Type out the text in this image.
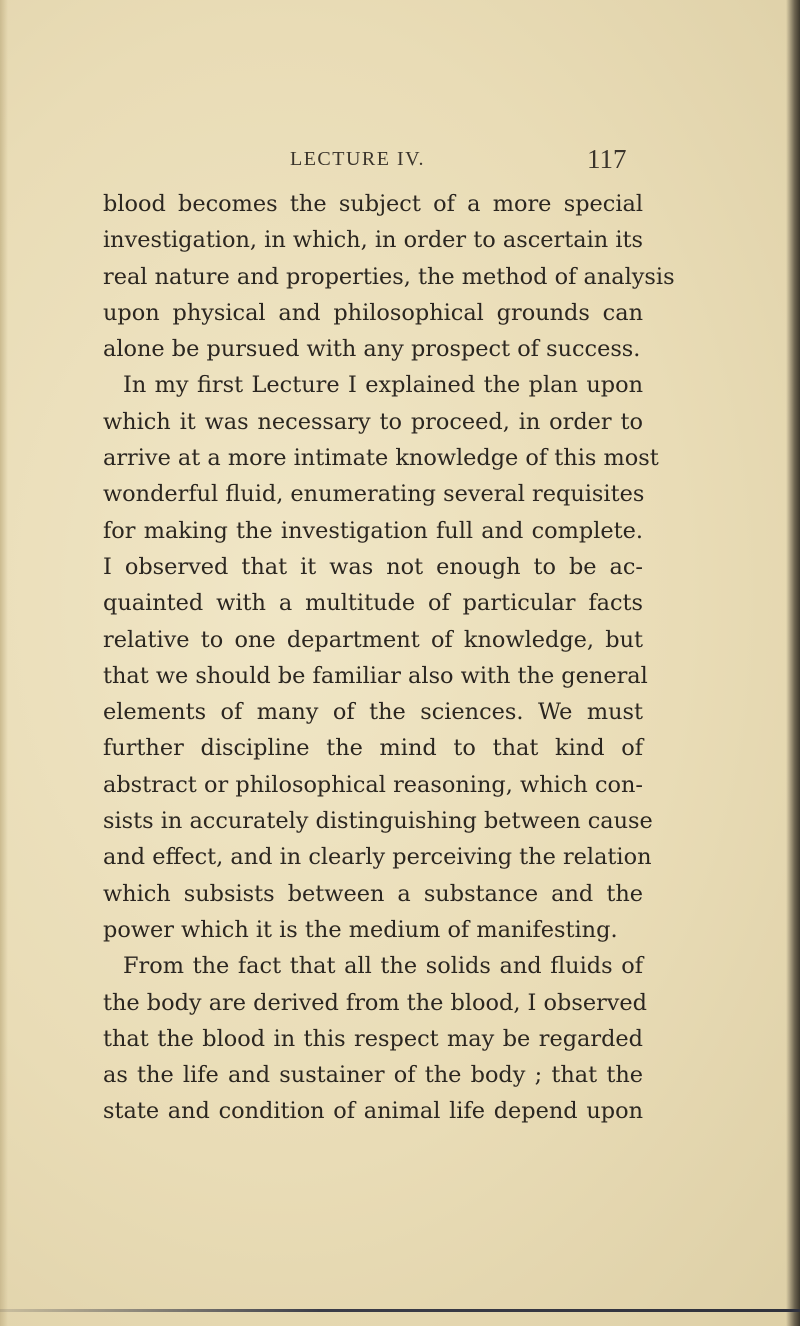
LECTURE IV.	117
blood becomes the subject of a more special
investigation, in which, in order to ascertain its
real nature and properties, the method of analysis
upon physical and philosophical grounds can
alone be pursued with any prospect of success.
In my first Lecture I explained the plan upon
which it was necessary to proceed, in order to
arrive at a more intimate knowledge of this most
wonderful fluid, enumerating several requisites
for making the investigation full and complete.
I observed that it was not enough to be ac-
quainted with a multitude of particular facts
relative to one department of knowledge, but
that we should be familiar also with the general
elements of many of the sciences. We must
further discipline the mind to that kind of
abstract or philosophical reasoning, which con-
sists in accurately distinguishing between cause
and effect, and in clearly perceiving the relation
which subsists between a substance and the
power which it is the medium of manifesting.
From the fact that all the solids and fluids of
the body are derived from the blood, I observed
that the blood in this respect may be regarded
as the life and sustainer of the body ; that the
state and condition of animal life depend upon
